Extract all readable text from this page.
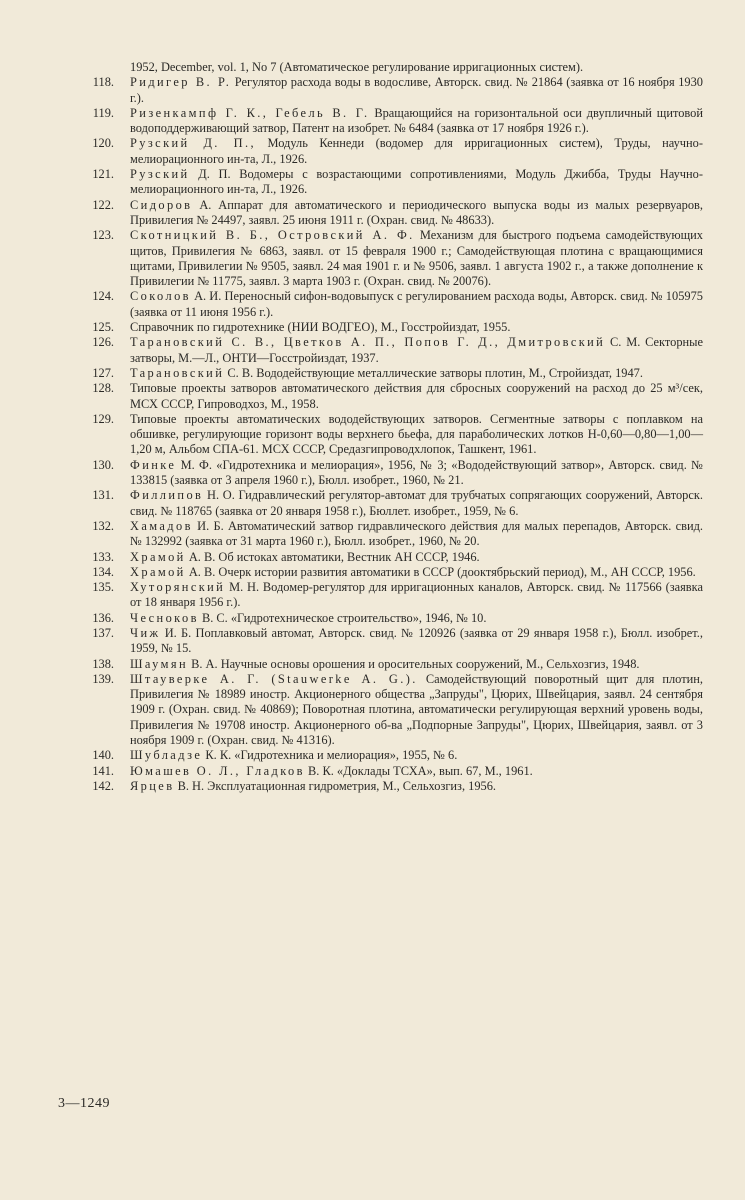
1952, December, vol. 1, No 7 (Автоматическое регулирование ирригационных систем).
118. Ридигер В. Р. Регулятор расхода воды в водосливе, Авторск. свид. № 21864 (заявка от 16 ноября 1930 г.).
119. Ризенкампф Г. К., Гебель В. Г. Вращающийся на горизонтальной оси двупличный щитовой водоподдерживающий затвор, Патент на изобрет. № 6484 (заявка от 17 ноября 1926 г.).
120. Рузский Д. П., Модуль Кеннеди (водомер для ирригационных систем), Труды, научно-мелиорационного ин-та, Л., 1926.
121. Рузский Д. П. Водомеры с возрастающими сопротивлениями, Модуль Джибба, Труды Научно-мелиорационного ин-та, Л., 1926.
122. Сидоров А. Аппарат для автоматического и периодического выпуска воды из малых резервуаров, Привилегия № 24497, заявл. 25 июня 1911 г. (Охран. свид. № 48633).
123. Скотницкий В. Б., Островский А. Ф. Механизм для быстрого подъема самодействующих щитов, Привилегия № 6863, заявл. от 15 февраля 1900 г.; Самодействующая плотина с вращающимися щитами, Привилегии № 9505, заявл. 24 мая 1901 г. и № 9506, заявл. 1 августа 1902 г., а также дополнение к Привилегии № 11775, заявл. 3 марта 1903 г. (Охран. свид. № 20076).
124. Соколов А. И. Переносный сифон-водовыпуск с регулированием расхода воды, Авторск. свид. № 105975 (заявка от 11 июня 1956 г.).
125. Справочник по гидротехнике (НИИ ВОДГЕО), М., Госстройиздат, 1955.
126. Тарановский С. В., Цветков А. П., Попов Г. Д., Дмитровский С. М. Секторные затворы, М.—Л., ОНТИ—Госстройиздат, 1937.
127. Тарановский С. В. Вододействующие металлические затворы плотин, М., Стройиздат, 1947.
128. Типовые проекты затворов автоматического действия для сбросных сооружений на расход до 25 м³/сек, МСХ СССР, Гипроводхоз, М., 1958.
129. Типовые проекты автоматических вододействующих затворов. Сегментные затворы с поплавком на обшивке, регулирующие горизонт воды верхнего бьефа, для параболических лотков Н-0,60—0,80—1,00—1,20 м, Альбом СПА-61. МСХ СССР, Средазгипроводхлопок, Ташкент, 1961.
130. Финке М. Ф. «Гидротехника и мелиорация», 1956, № 3; «Вододействующий затвор», Авторск. свид. № 133815 (заявка от 3 апреля 1960 г.), Бюлл. изобрет., 1960, № 21.
131. Филлипов Н. О. Гидравлический регулятор-автомат для трубчатых сопрягающих сооружений, Авторск. свид. № 118765 (заявка от 20 января 1958 г.), Бюллет. изобрет., 1959, № 6.
132. Хамадов И. Б. Автоматический затвор гидравлического действия для малых перепадов, Авторск. свид. № 132992 (заявка от 31 марта 1960 г.), Бюлл. изобрет., 1960, № 20.
133. Храмой А. В. Об истоках автоматики, Вестник АН СССР, 1946.
134. Храмой А. В. Очерк истории развития автоматики в СССР (дооктябрьский период), М., АН СССР, 1956.
135. Хуторянский М. Н. Водомер-регулятор для ирригационных каналов, Авторск. свид. № 117566 (заявка от 18 января 1956 г.).
136. Чесноков В. С. «Гидротехническое строительство», 1946, № 10.
137. Чиж И. Б. Поплавковый автомат, Авторск. свид. № 120926 (заявка от 29 января 1958 г.), Бюлл. изобрет., 1959, № 15.
138. Шаумян В. А. Научные основы орошения и оросительных сооружений, М., Сельхозгиз, 1948.
139. Штауверке А. Г. (Stauwerke A. G.). Самодействующий поворотный щит для плотин, Привилегия № 18989 иностр. Акционерного общества „Запруды", Цюрих, Швейцария, заявл. 24 сентября 1909 г. (Охран. свид. № 40869); Поворотная плотина, автоматически регулирующая верхний уровень воды, Привилегия № 19708 иностр. Акционерного об-ва „Подпорные Запруды", Цюрих, Швейцария, заявл. от 3 ноября 1909 г. (Охран. свид. № 41316).
140. Шубладзе К. К. «Гидротехника и мелиорация», 1955, № 6.
141. Юмашев О. Л., Гладков В. К. «Доклады ТСХА», вып. 67, М., 1961.
142. Ярцев В. Н. Эксплуатационная гидрометрия, М., Сельхозгиз, 1956.
3—1249
